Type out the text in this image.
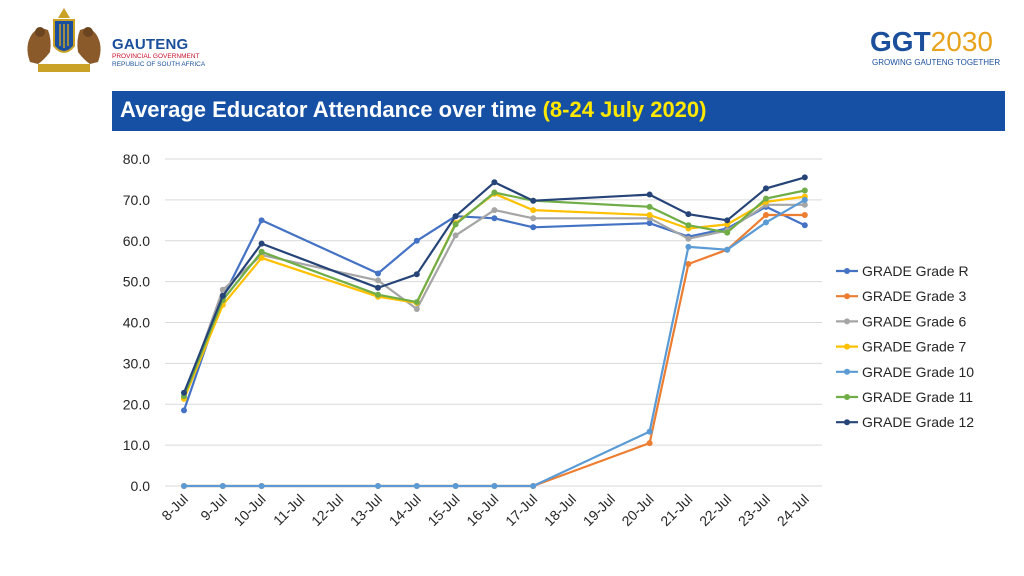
GAUTENG
PROVINCIAL GOVERNMENT
REPUBLIC OF SOUTH AFRICA
GGT2030
GROWING GAUTENG TOGETHER
Average Educator Attendance over time (8-24 July 2020)
0.0
10.0
20.0
30.0
40.0
50.0
60.0
70.0
80.0
8-Jul 9-Jul 10-Jul 11-Jul 12-Jul 13-Jul 14-Jul 15-Jul 16-Jul 17-Jul 18-Jul 19-Jul 20-Jul 21-Jul 22-Jul 23-Jul 24-Jul
GRADE Grade R
GRADE Grade 3
GRADE Grade 6
GRADE Grade 7
GRADE Grade 10
GRADE Grade 11
GRADE Grade 12
